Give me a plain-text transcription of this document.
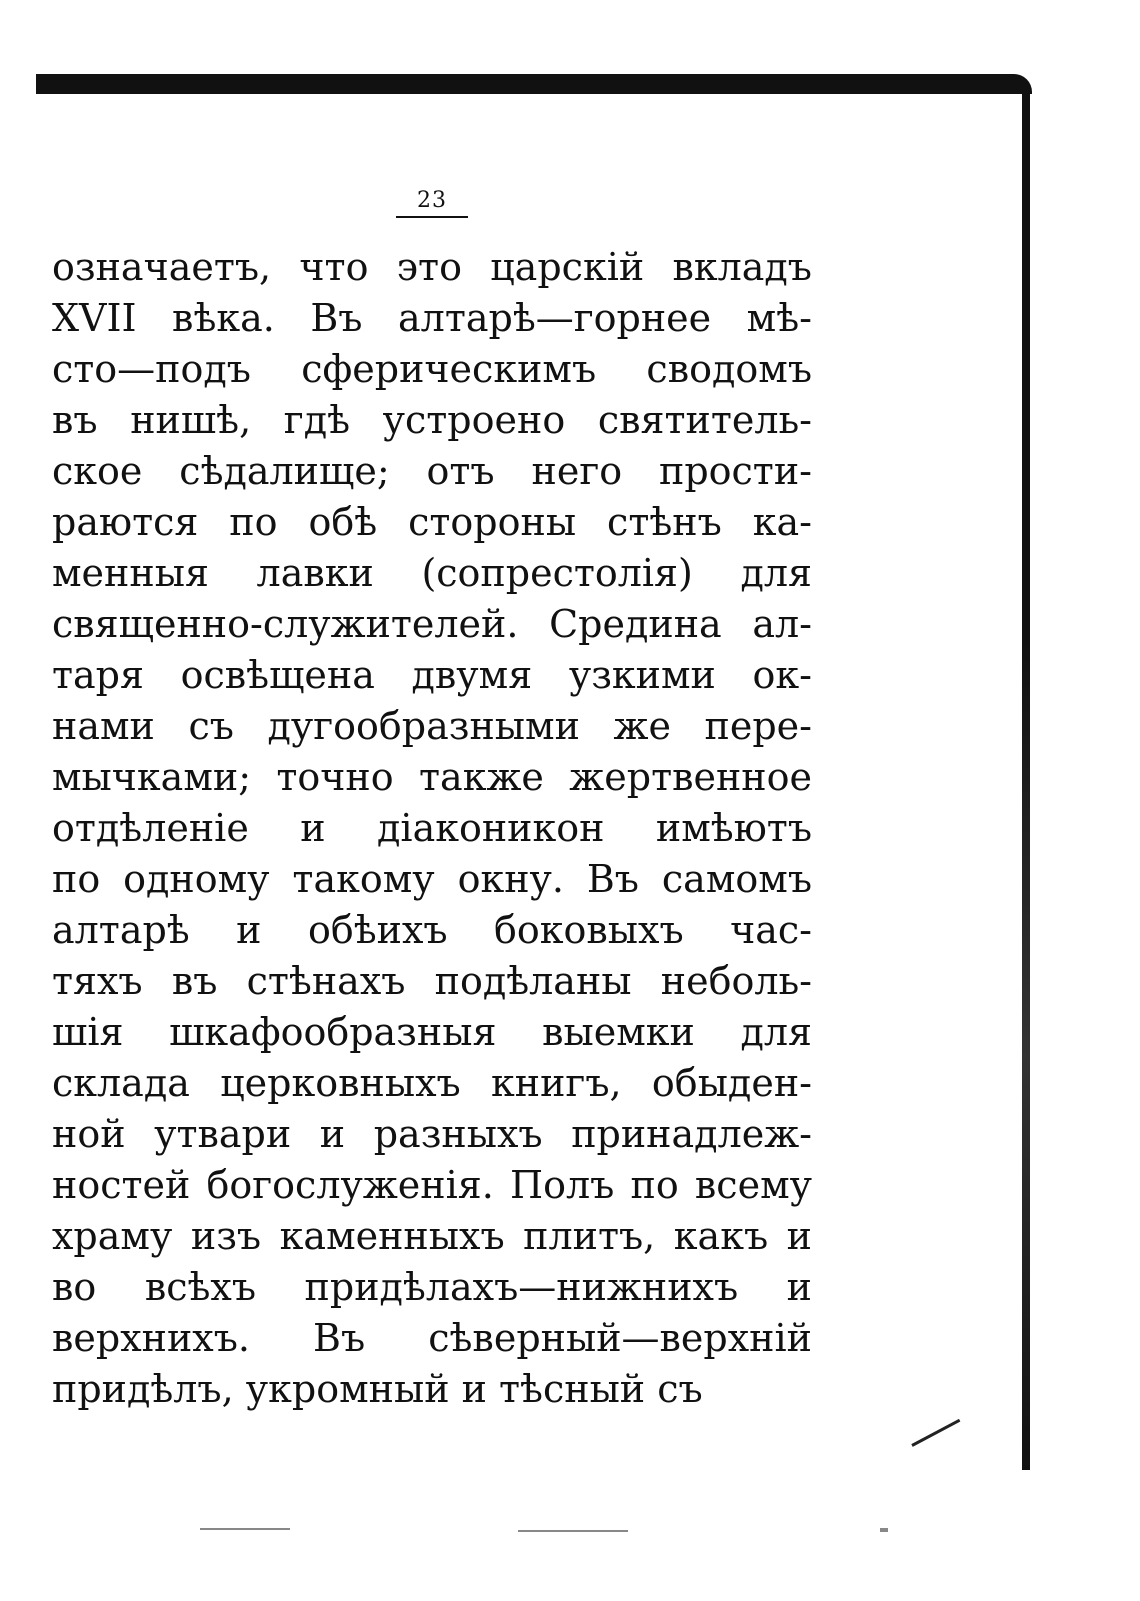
23
означаетъ, что это царскій вкладъ
XVII вѣка. Въ алтарѣ—горнее мѣ-
сто—подъ сферическимъ сводомъ
въ нишѣ, гдѣ устроено святитель-
ское сѣдалище; отъ него прости-
раются по обѣ стороны стѣнъ ка-
менныя лавки (сопрестолія) для
священно-служителей. Средина ал-
таря освѣщена двумя узкими ок-
нами съ дугообразными же пере-
мычками; точно также жертвенное
отдѣленіе и діаконикон имѣютъ
по одному такому окну. Въ самомъ
алтарѣ и обѣихъ боковыхъ час-
тяхъ въ стѣнахъ подѣланы неболь-
шія шкафообразныя выемки для
склада церковныхъ книгъ, обыден-
ной утвари и разныхъ принадлеж-
ностей богослуженія. Полъ по всему
храму изъ каменныхъ плитъ, какъ и
во всѣхъ придѣлахъ—нижнихъ и
верхнихъ. Въ сѣверный—верхній
придѣлъ, укромный и тѣсный съ
